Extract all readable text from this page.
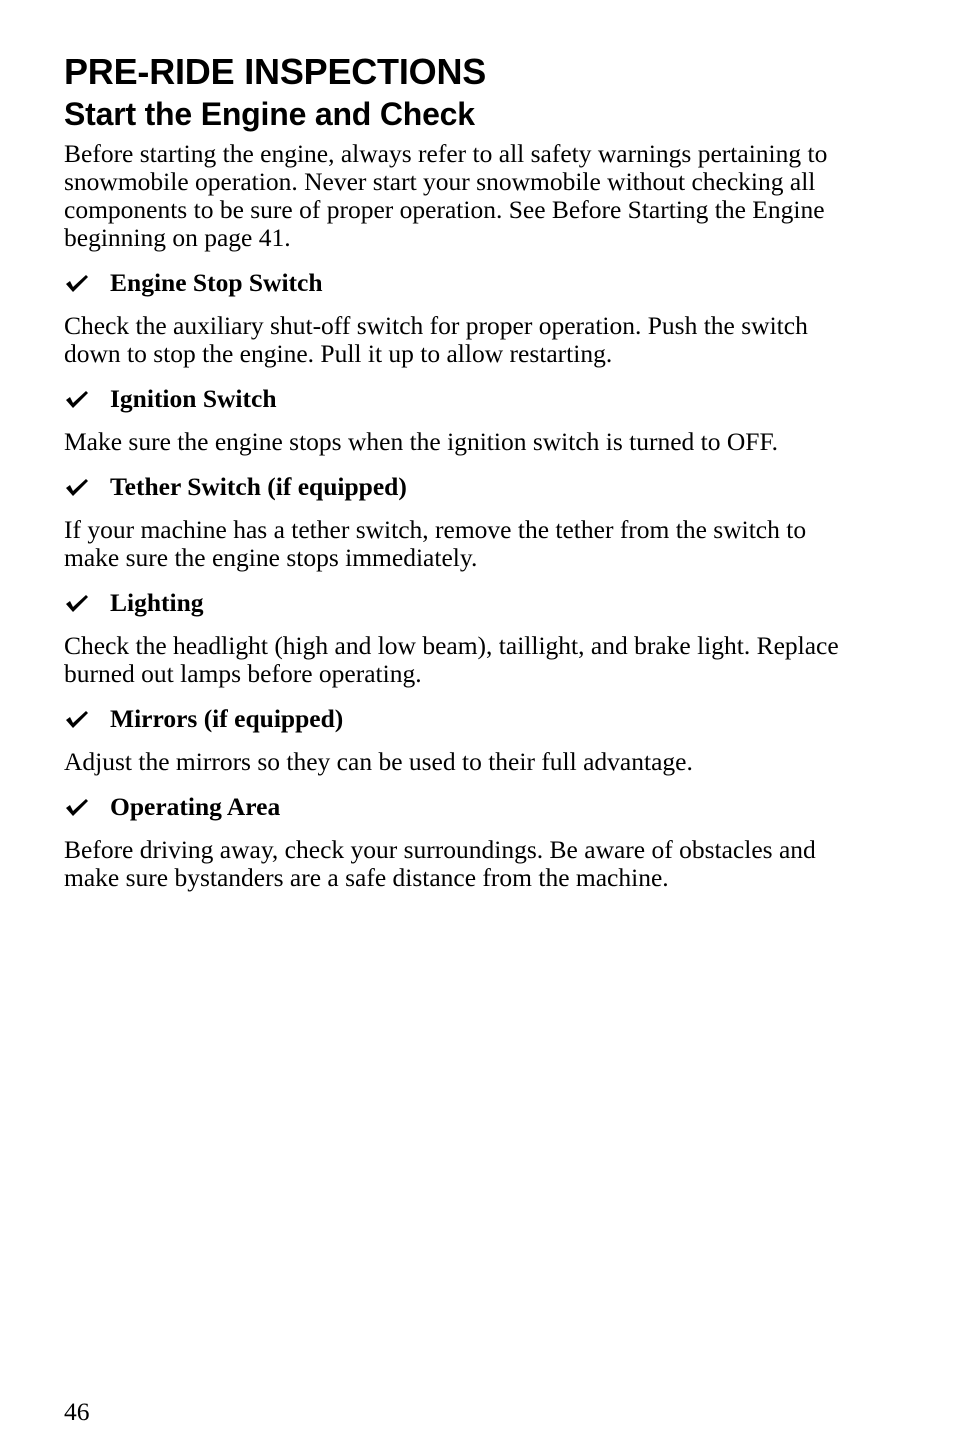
PRE-RIDE INSPECTIONS
Start the Engine and Check

Before starting the engine, always refer to all safety warnings pertaining to snowmobile operation. Never start your snowmobile without checking all components to be sure of proper operation. See Before Starting the Engine beginning on page 41.

Engine Stop Switch

Check the auxiliary shut-off switch for proper operation. Push the switch down to stop the engine. Pull it up to allow restarting.

Ignition Switch

Make sure the engine stops when the ignition switch is turned to OFF.

Tether Switch (if equipped)

If your machine has a tether switch, remove the tether from the switch to make sure the engine stops immediately.

Lighting

Check the headlight (high and low beam), taillight, and brake light. Replace burned out lamps before operating.

Mirrors (if equipped)

Adjust the mirrors so they can be used to their full advantage.

Operating Area

Before driving away, check your surroundings. Be aware of obstacles and make sure bystanders are a safe distance from the machine.

46
